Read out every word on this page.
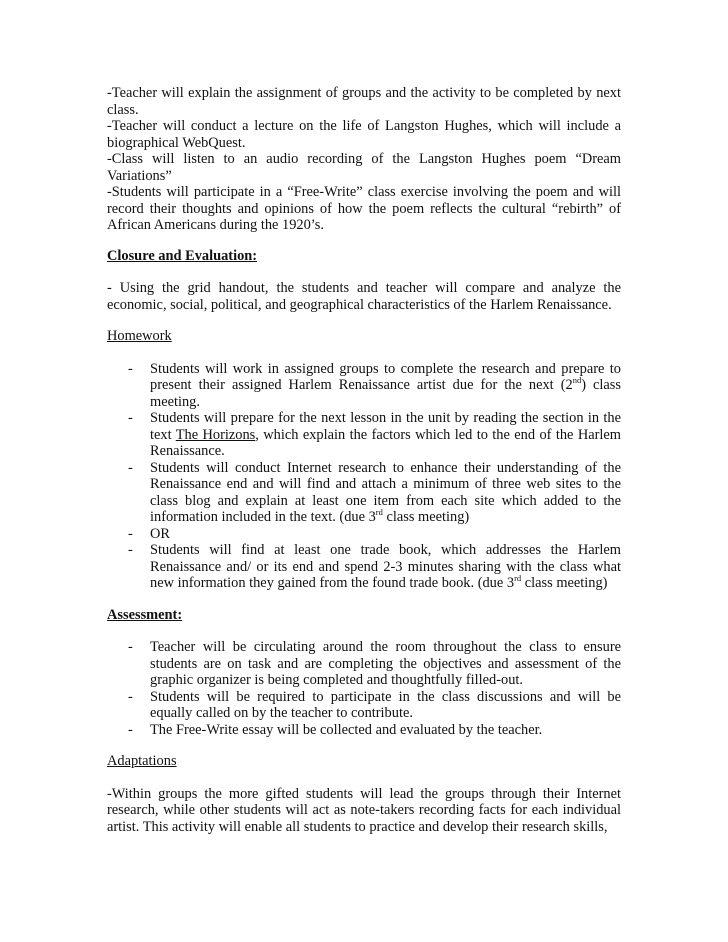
-Teacher will explain the assignment of groups and the activity to be completed by next class.

-Teacher will conduct a lecture on the life of Langston Hughes, which will include a biographical WebQuest.

-Class will listen to an audio recording of the Langston Hughes poem “Dream Variations”

-Students will participate in a “Free-Write” class exercise involving the poem and will record their thoughts and opinions of how the poem reflects the cultural “rebirth” of African Americans during the 1920’s.

Closure and Evaluation:

- Using the grid handout, the students and teacher will compare and analyze the economic, social, political, and geographical characteristics of the Harlem Renaissance.

Homework
- Students will work in assigned groups to complete the research and prepare to present their assigned Harlem Renaissance artist due for the next (2nd) class meeting.
- Students will prepare for the next lesson in the unit by reading the section in the text The Horizons, which explain the factors which led to the end of the Harlem Renaissance.
- Students will conduct Internet research to enhance their understanding of the Renaissance end and will find and attach a minimum of three web sites to the class blog and explain at least one item from each site which added to the information included in the text. (due 3rd class meeting)
- OR
- Students will find at least one trade book, which addresses the Harlem Renaissance and/ or its end and spend 2-3 minutes sharing with the class what new information they gained from the found trade book. (due 3rd class meeting)
Assessment:
- Teacher will be circulating around the room throughout the class to ensure students are on task and are completing the objectives and assessment of the graphic organizer is being completed and thoughtfully filled-out.
- Students will be required to participate in the class discussions and will be equally called on by the teacher to contribute.
- The Free-Write essay will be collected and evaluated by the teacher.
Adaptations

-Within groups the more gifted students will lead the groups through their Internet research, while other students will act as note-takers recording facts for each individual artist. This activity will enable all students to practice and develop their research skills,
